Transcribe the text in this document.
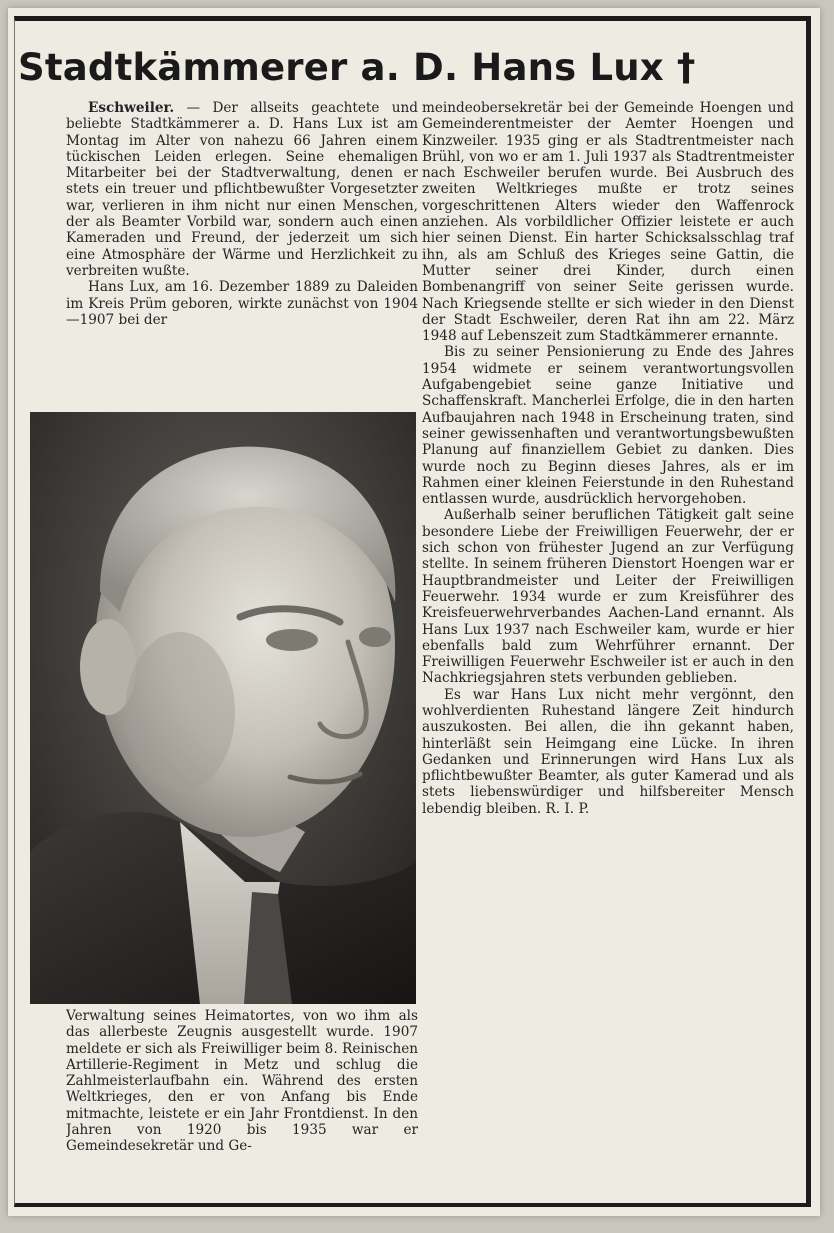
Stadtkämmerer a. D. Hans Lux †

Eschweiler. — Der allseits geachtete und beliebte Stadtkämmerer a. D. Hans Lux ist am Montag im Alter von nahezu 66 Jahren einem tückischen Leiden erlegen. Seine ehemaligen Mitarbeiter bei der Stadtverwaltung, denen er stets ein treuer und pflichtbewußter Vorgesetzter war, verlieren in ihm nicht nur einen Menschen, der als Beamter Vorbild war, sondern auch einen Kameraden und Freund, der jederzeit um sich eine Atmosphäre der Wärme und Herzlichkeit zu verbreiten wußte.

Hans Lux, am 16. Dezember 1889 zu Daleiden im Kreis Prüm geboren, wirkte zunächst von 1904—1907 bei der

Verwaltung seines Heimatortes, von wo ihm als das allerbeste Zeugnis ausgestellt wurde. 1907 meldete er sich als Freiwilliger beim 8. Reinischen Artillerie-Regiment in Metz und schlug die Zahlmeisterlaufbahn ein. Während des ersten Weltkrieges, den er von Anfang bis Ende mitmachte, leistete er ein Jahr Frontdienst. In den Jahren von 1920 bis 1935 war er Gemeindesekretär und Ge-

meindeobersekretär bei der Gemeinde Hoengen und Gemeinderentmeister der Aemter Hoengen und Kinzweiler. 1935 ging er als Stadtrentmeister nach Brühl, von wo er am 1. Juli 1937 als Stadtrentmeister nach Eschweiler berufen wurde. Bei Ausbruch des zweiten Weltkrieges mußte er trotz seines vorgeschrittenen Alters wieder den Waffenrock anziehen. Als vorbildlicher Offizier leistete er auch hier seinen Dienst. Ein harter Schicksalsschlag traf ihn, als am Schluß des Krieges seine Gattin, die Mutter seiner drei Kinder, durch einen Bombenangriff von seiner Seite gerissen wurde. Nach Kriegsende stellte er sich wieder in den Dienst der Stadt Eschweiler, deren Rat ihn am 22. März 1948 auf Lebenszeit zum Stadtkämmerer ernannte.

Bis zu seiner Pensionierung zu Ende des Jahres 1954 widmete er seinem verantwortungsvollen Aufgabengebiet seine ganze Initiative und Schaffenskraft. Mancherlei Erfolge, die in den harten Aufbaujahren nach 1948 in Erscheinung traten, sind seiner gewissenhaften und verantwortungsbewußten Planung auf finanziellem Gebiet zu danken. Dies wurde noch zu Beginn dieses Jahres, als er im Rahmen einer kleinen Feierstunde in den Ruhestand entlassen wurde, ausdrücklich hervorgehoben.

Außerhalb seiner beruflichen Tätigkeit galt seine besondere Liebe der Freiwilligen Feuerwehr, der er sich schon von frühester Jugend an zur Verfügung stellte. In seinem früheren Dienstort Hoengen war er Hauptbrandmeister und Leiter der Freiwilligen Feuerwehr. 1934 wurde er zum Kreisführer des Kreisfeuerwehrverbandes Aachen-Land ernannt. Als Hans Lux 1937 nach Eschweiler kam, wurde er hier ebenfalls bald zum Wehrführer ernannt. Der Freiwilligen Feuerwehr Eschweiler ist er auch in den Nachkriegsjahren stets verbunden geblieben.

Es war Hans Lux nicht mehr vergönnt, den wohlverdienten Ruhestand längere Zeit hindurch auszukosten. Bei allen, die ihn gekannt haben, hinterläßt sein Heimgang eine Lücke. In ihren Gedanken und Erinnerungen wird Hans Lux als pflichtbewußter Beamter, als guter Kamerad und als stets liebenswürdiger und hilfsbereiter Mensch lebendig bleiben. R. I. P.
